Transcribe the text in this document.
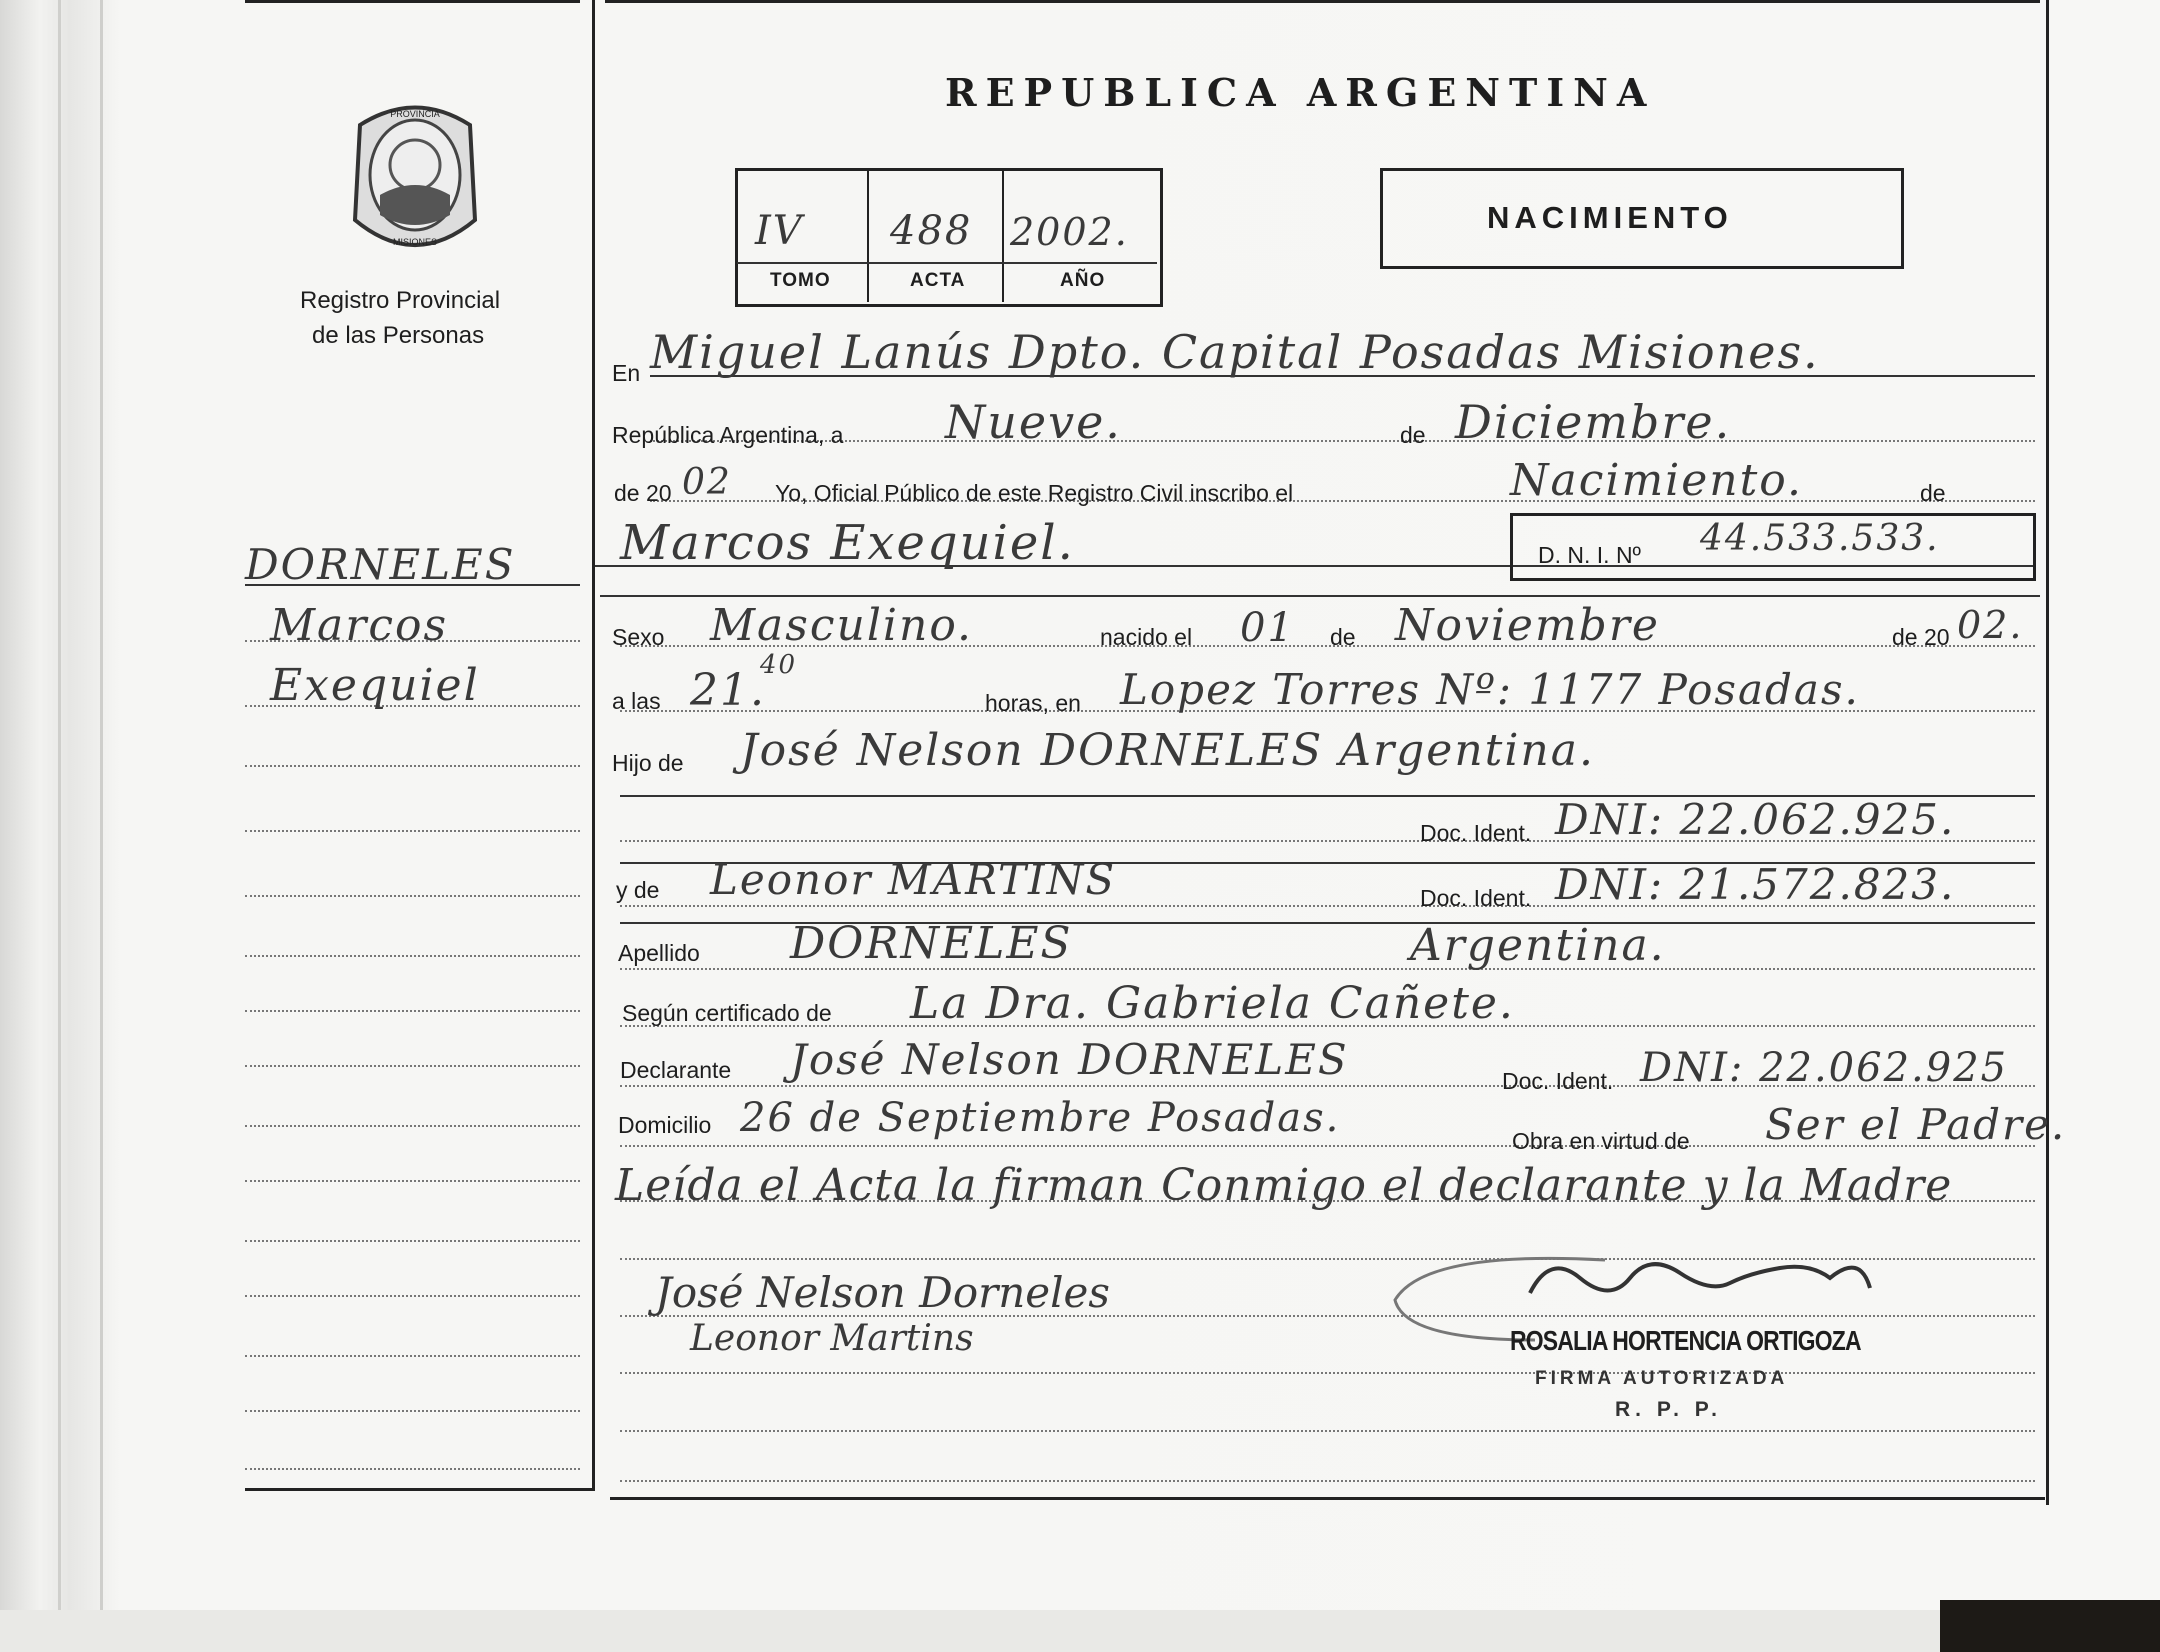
PROVINCIA
MISIONES
Registro Provincial
de las Personas
REPUBLICA ARGENTINA
IV 488 2002.
TOMO	ACTA	AÑO
NACIMIENTO
DORNELES
Marcos
Exequiel
D. N. I. Nº 44.533.533.
En Miguel Lanús Dpto. Capital Posadas Misiones.
República Argentina, a Nueve.	de Diciembre.
de 20 02 Yo, Oficial Público de este Registro Civil inscribo el	Nacimiento.	de
Marcos Exequiel.
Sexo Masculino.	nacido el 01 de Noviembre	de 20 02.
a las 21.
40
horas, en Lopez Torres Nº: 1177 Posadas.
Hijo de José Nelson DORNELES Argentina.
Doc. Ident. DNI: 22.062.925.
y de Leonor MARTINS	Doc. Ident. DNI: 21.572.823.
Apellido DORNELES	Argentina.
Según certificado de La Dra. Gabriela Cañete.
Declarante José Nelson DORNELES	Doc. Ident. DNI: 22.062.925
Domicilio 26 de Septiembre Posadas.	Obra en virtud de Ser el Padre.
Leída el Acta la firman Conmigo el declarante y la Madre
José Nelson Dorneles
Leonor Martins	ROSALIA HORTENCIA ORTIGOZA
FIRMA AUTORIZADA
R. P. P.
